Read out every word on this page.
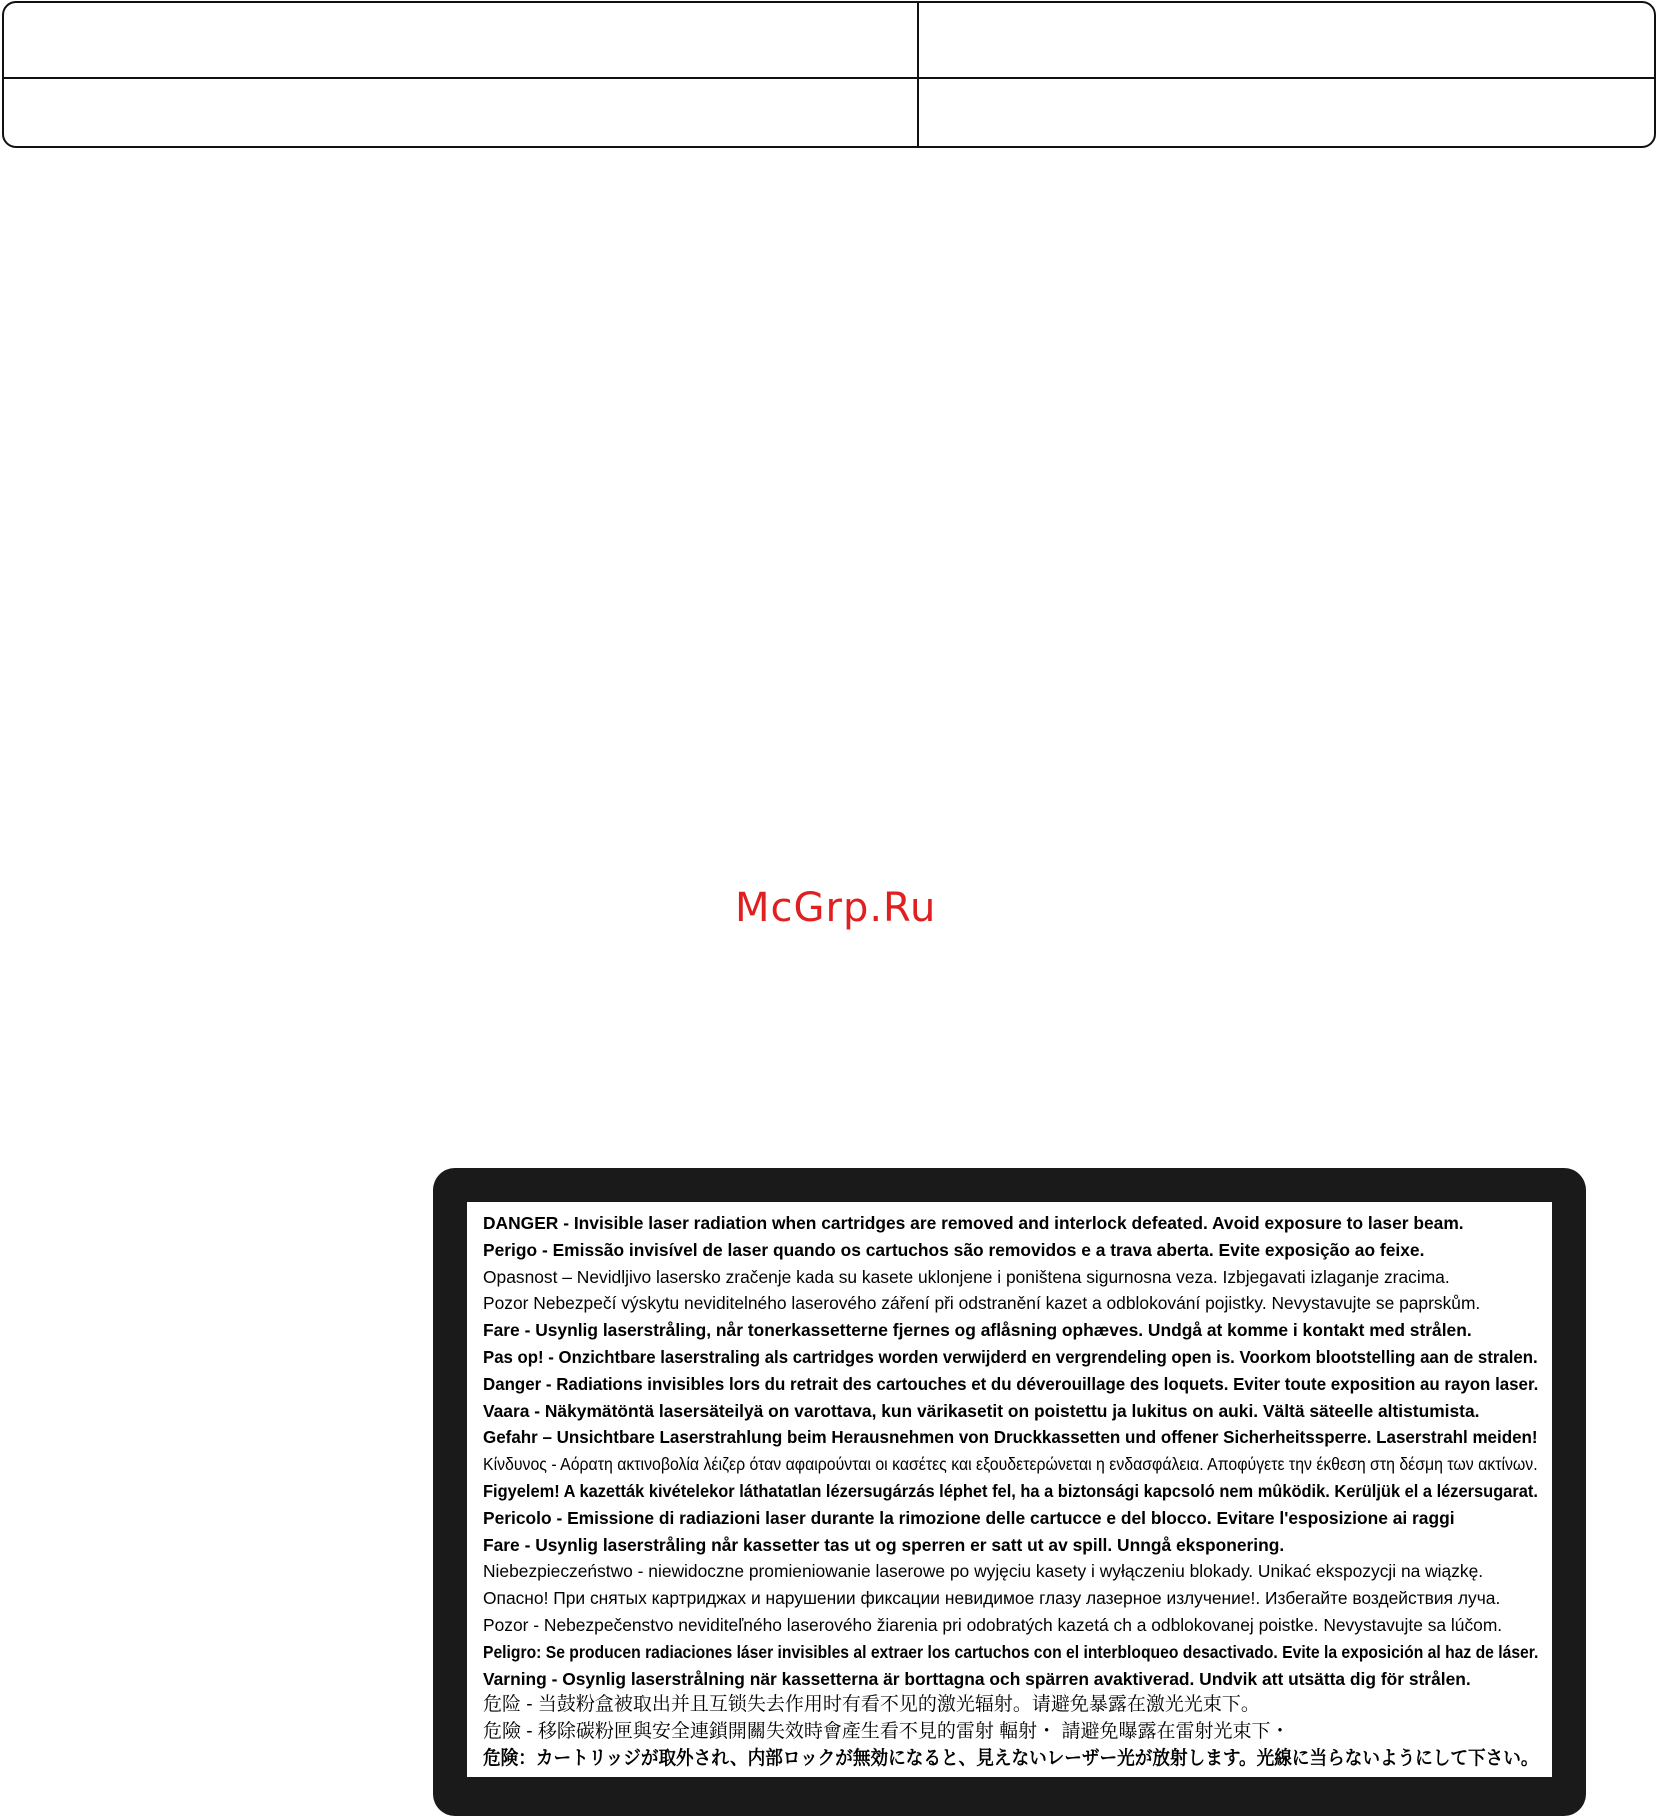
McGrp.Ru
DANGER - Invisible laser radiation when cartridges are removed and interlock defeated. Avoid exposure to laser beam.
Perigo - Emissão invisível de laser quando os cartuchos são removidos e a trava aberta. Evite exposição ao feixe.
Opasnost – Nevidljivo lasersko zračenje kada su kasete uklonjene i poništena sigurnosna veza. Izbjegavati izlaganje zracima.
Pozor Nebezpečí výskytu neviditelného laserového záření při odstranění kazet a odblokování pojistky. Nevystavujte se paprskům.
Fare - Usynlig laserstråling, når tonerkassetterne fjernes og aflåsning ophæves. Undgå at komme i kontakt med strålen.
Pas op! - Onzichtbare laserstraling als cartridges worden verwijderd en vergrendeling open is. Voorkom blootstelling aan de stralen.
Danger - Radiations invisibles lors du retrait des cartouches et du déverouillage des loquets. Eviter toute exposition au rayon laser.
Vaara - Näkymätöntä lasersäteilyä on varottava, kun värikasetit on poistettu ja lukitus on auki. Vältä säteelle altistumista.
Gefahr – Unsichtbare Laserstrahlung beim Herausnehmen von Druckkassetten und offener Sicherheitssperre. Laserstrahl meiden!
Κίνδυνος - Αόρατη ακτινοβολία λέιζερ όταν αφαιρούνται οι κασέτες και εξουδετερώνεται η ενδασφάλεια. Αποφύγετε την έκθεση στη δέσμη των ακτίνων.
Figyelem! A kazetták kivételekor láthatatlan lézersugárzás léphet fel, ha a biztonsági kapcsoló nem mûködik. Kerüljük el a lézersugarat.
Pericolo - Emissione di radiazioni laser durante la rimozione delle cartucce e del blocco. Evitare l'esposizione ai raggi
Fare - Usynlig laserstråling når kassetter tas ut og sperren er satt ut av spill. Unngå eksponering.
Niebezpieczeństwo - niewidoczne promieniowanie laserowe po wyjęciu kasety i wyłączeniu blokady. Unikać ekspozycji na wiązkę.
Опасно! При снятых картриджах и нарушении фиксации невидимое глазу лазерное излучение!. Избегайте воздействия луча.
Pozor - Nebezpečenstvo neviditeľného laserového žiarenia pri odobratých kazetá ch a odblokovanej poistke. Nevystavujte sa lúčom.
Peligro: Se producen radiaciones láser invisibles al extraer los cartuchos con el interbloqueo desactivado. Evite la exposición al haz de láser.
Varning - Osynlig laserstrålning när kassetterna är borttagna och spärren avaktiverad. Undvik att utsätta dig för strålen.
危险 - 当鼓粉盒被取出并且互锁失去作用时有看不见的激光辐射。请避免暴露在激光光束下。
危險 - 移除碳粉匣與安全連鎖開關失效時會產生看不見的雷射 輻射・ 請避免曝露在雷射光束下・
危険：カートリッジが取外され、内部ロックが無効になると、見えないレーザー光が放射します。光線に当らないようにして下さい。
